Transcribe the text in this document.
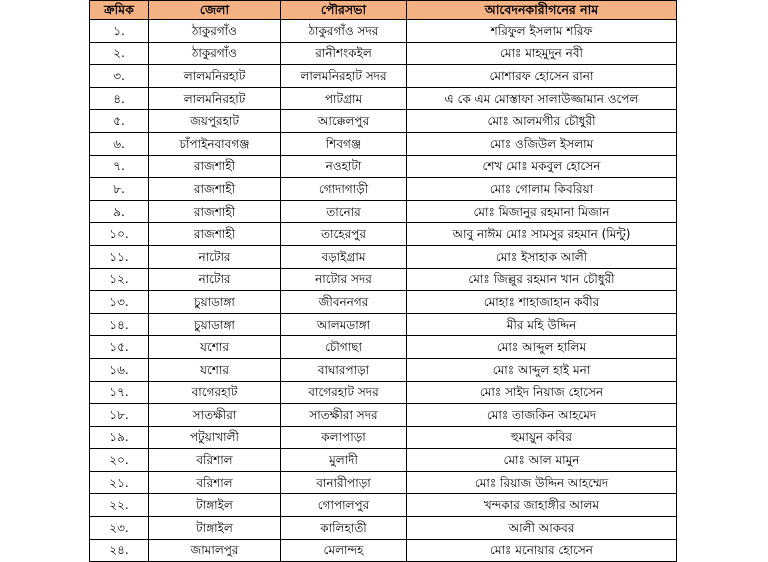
ক্রমিক	জেলা	পৌরসভা	আবেদনকারীগনের নাম
১.	ঠাকুরগাঁও	ঠাকুরগাঁও সদর	শরিফুল ইসলাম শরিফ
২.	ঠাকুরগাঁও	রানীশংকইল	মোঃ মাহমুদুন নবী
৩.	লালমনিরহাট	লালমনিরহাট সদর	মোশারফ হোসেন রানা
৪.	লালমনিরহাট	পাটগ্রাম	এ কে এম মোস্তাফা সালাউজ্জামান ওপেল
৫.	জয়পুরহাট	আক্কেলপুর	মোঃ আলমগীর চৌধুরী
৬.	চাঁপাইনবাবগঞ্জ	শিবগঞ্জ	মোঃ ওজিউল ইসলাম
৭.	রাজশাহী	নওহাটা	শেখ মোঃ মকবুল হোসেন
৮.	রাজশাহী	গোদাগাড়ী	মোঃ গোলাম কিবরিয়া
৯.	রাজশাহী	তানোর	মোঃ মিজানুর রহমানা মিজান
১০.	রাজশাহী	তাহেরপুর	আবু নাঈম মোঃ সামসুর রহমান (মিন্টু)
১১.	নাটোর	বড়াইগ্রাম	মোঃ ইসাহাক আলী
১২.	নাটোর	নাটোর সদর	মোঃ জিল্লুর রহমান খান চৌধুরী
১৩.	চুয়াডাঙ্গা	জীবননগর	মোহাঃ শাহাজাহান কবীর
১৪.	চুয়াডাঙ্গা	আলমডাঙ্গা	মীর মহি উদ্দিন
১৫.	যশোর	চৌগাছা	মোঃ আব্দুল হালিম
১৬.	যশোর	বাঘারপাড়া	মোঃ আব্দুল হাই মনা
১৭.	বাগেরহাট	বাগেরহাট সদর	মোঃ সাইদ নিয়াজ হোসেন
১৮.	সাতক্ষীরা	সাতক্ষীরা সদর	মোঃ তাজকিন আহমেদ
১৯.	পটুয়াখালী	কলাপাড়া	হুমায়ুন কবির
২০.	বরিশাল	মুলাদী	মোঃ আল মামুন
২১.	বরিশাল	বানারীপাড়া	মোঃ রিয়াজ উদ্দিন আহম্মেদ
২২.	টাঙ্গাইল	গোপালপুর	খন্দকার জাহাঙ্গীর আলম
২৩.	টাঙ্গাইল	কালিহাতী	আলী আকবর
২৪.	জামালপুর	মেলান্দহ	মোঃ মনোয়ার হোসেন
